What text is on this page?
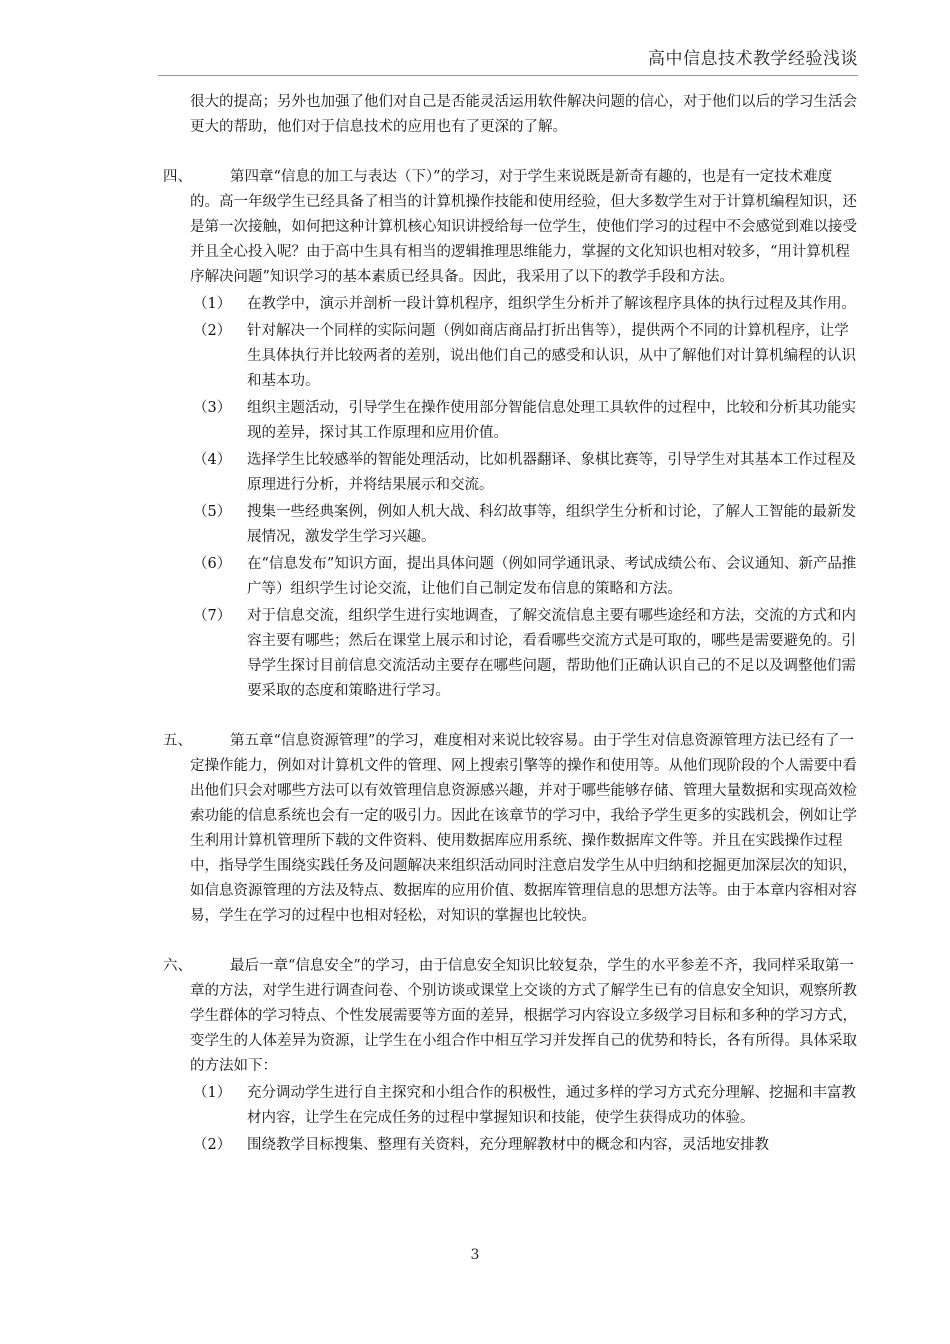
高中信息技术教学经验浅谈

很大的提高；另外也加强了他们对自己是否能灵活运用软件解决问题的信心，对于他们以后的学习生活会更大的帮助，他们对于信息技术的应用也有了更深的了解。

四、	第四章“信息的加工与表达（下）”的学习，对于学生来说既是新奇有趣的，也是有一定技术难度的。高一年级学生已经具备了相当的计算机操作技能和使用经验，但大多数学生对于计算机编程知识，还是第一次接触，如何把这种计算机核心知识讲授给每一位学生，使他们学习的过程中不会感觉到难以接受并且全心投入呢？由于高中生具有相当的逻辑推理思维能力，掌握的文化知识也相对较多，“用计算机程序解决问题”知识学习的基本素质已经具备。因此，我采用了以下的教学手段和方法。

（1） 在教学中，演示并剖析一段计算机程序，组织学生分析并了解该程序具体的执行过程及其作用。
（2） 针对解决一个同样的实际问题（例如商店商品打折出售等），提供两个不同的计算机程序，让学生具体执行并比较两者的差别，说出他们自己的感受和认识，从中了解他们对计算机编程的认识和基本功。
（3） 组织主题活动，引导学生在操作使用部分智能信息处理工具软件的过程中，比较和分析其功能实现的差异，探讨其工作原理和应用价值。
（4） 选择学生比较感举的智能处理活动，比如机器翻译、象棋比赛等，引导学生对其基本工作过程及原理进行分析，并将结果展示和交流。
（5） 搜集一些经典案例，例如人机大战、科幻故事等，组织学生分析和讨论，了解人工智能的最新发展情况，激发学生学习兴趣。
（6） 在“信息发布”知识方面，提出具体问题（例如同学通讯录、考试成绩公布、会议通知、新产品推广等）组织学生讨论交流，让他们自己制定发布信息的策略和方法。
（7） 对于信息交流，组织学生进行实地调查，了解交流信息主要有哪些途经和方法，交流的方式和内容主要有哪些；然后在课堂上展示和讨论，看看哪些交流方式是可取的，哪些是需要避免的。引导学生探讨目前信息交流活动主要存在哪些问题，帮助他们正确认识自己的不足以及调整他们需要采取的态度和策略进行学习。
五、	第五章“信息资源管理”的学习，难度相对来说比较容易。由于学生对信息资源管理方法已经有了一定操作能力，例如对计算机文件的管理、网上搜索引擎等的操作和使用等。从他们现阶段的个人需要中看出他们只会对哪些方法可以有效管理信息资源感兴趣，并对于哪些能够存储、管理大量数据和实现高效检索功能的信息系统也会有一定的吸引力。因此在该章节的学习中，我给予学生更多的实践机会，例如让学生利用计算机管理所下载的文件资料、使用数据库应用系统、操作数据库文件等。并且在实践操作过程中，指导学生围绕实践任务及问题解决来组织活动同时注意启发学生从中归纳和挖掘更加深层次的知识，如信息资源管理的方法及特点、数据库的应用价值、数据库管理信息的思想方法等。由于本章内容相对容易，学生在学习的过程中也相对轻松，对知识的掌握也比较快。

六、	最后一章“信息安全”的学习，由于信息安全知识比较复杂，学生的水平参差不齐，我同样采取第一章的方法，对学生进行调查问卷、个别访谈或课堂上交谈的方式了解学生已有的信息安全知识，观察所教学生群体的学习特点、个性发展需要等方面的差异，根据学习内容设立多级学习目标和多种的学习方式，变学生的人体差异为资源，让学生在小组合作中相互学习并发挥自己的优势和特长，各有所得。具体采取的方法如下：

（1） 充分调动学生进行自主探究和小组合作的积极性，通过多样的学习方式充分理解、挖掘和丰富教材内容，让学生在完成任务的过程中掌握知识和技能，使学生获得成功的体验。
（2） 围绕教学目标搜集、整理有关资料，充分理解教材中的概念和内容，灵活地安排教
3
